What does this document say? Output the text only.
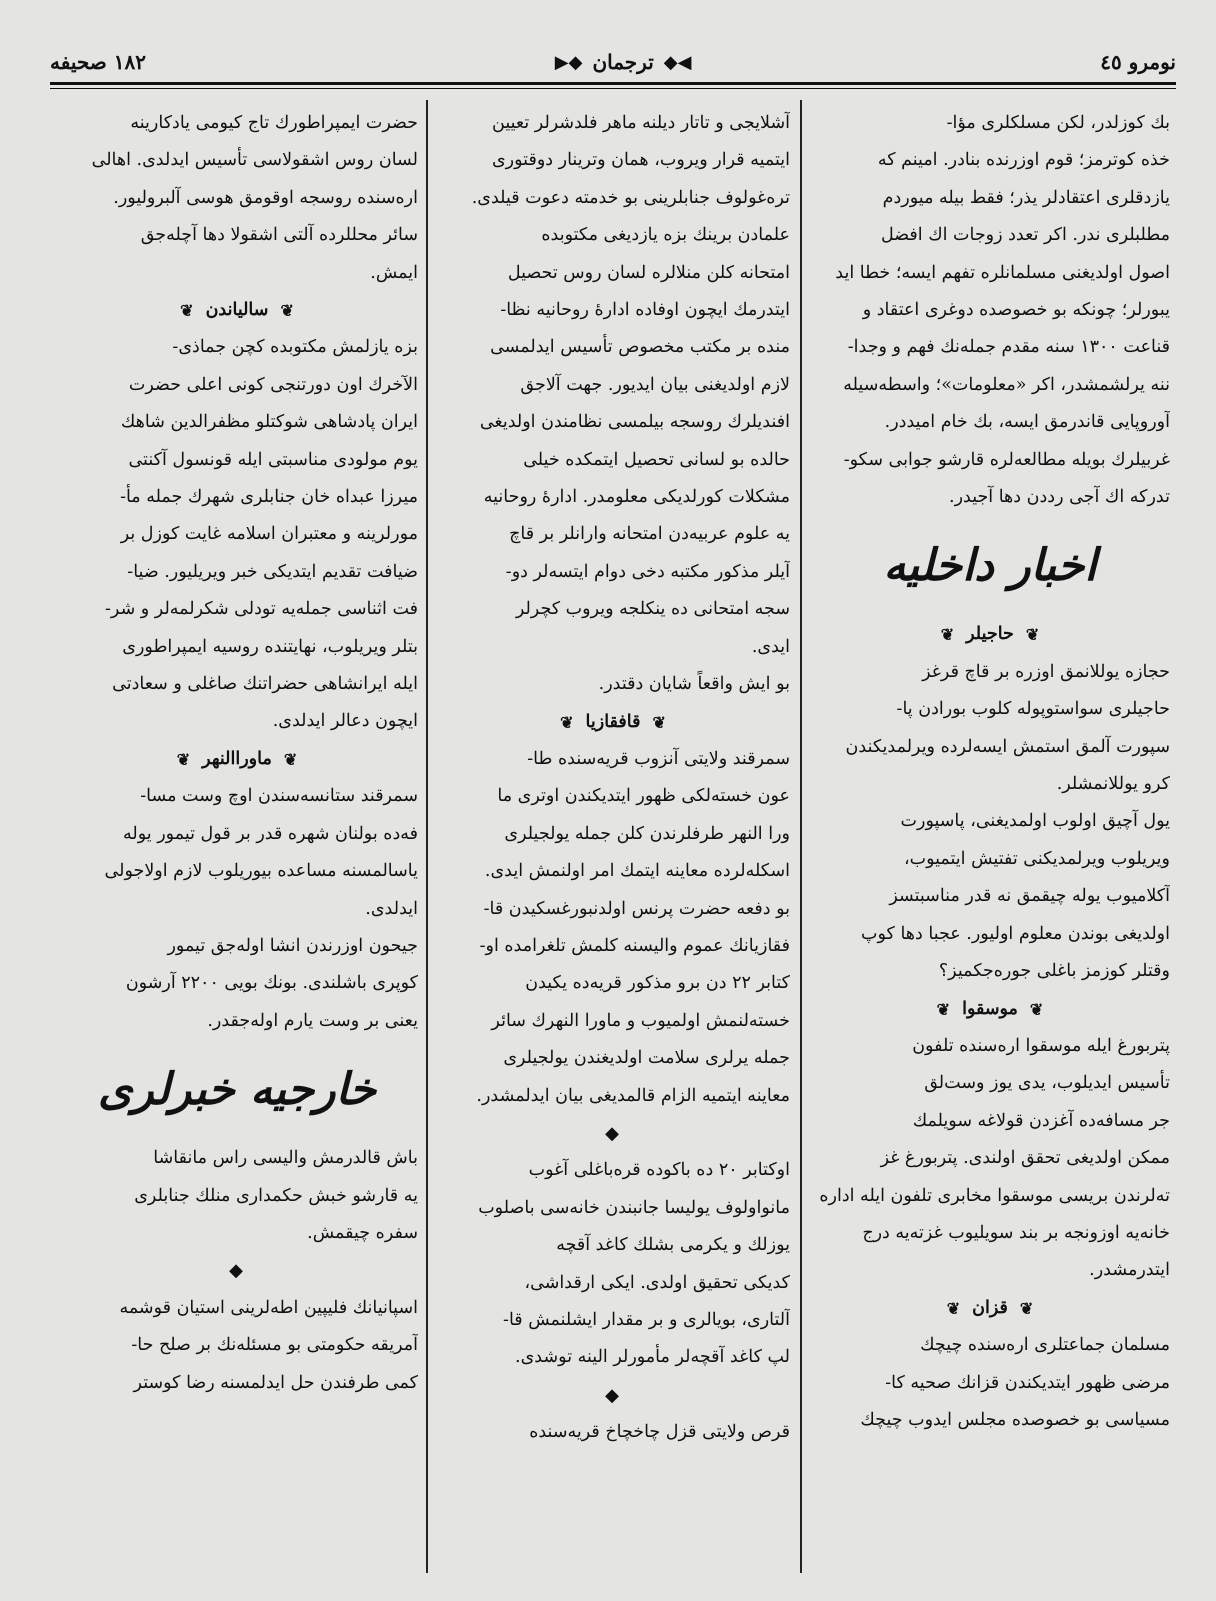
نومرو ٤٥
◀◆
ترجمان
◆▶
١٨٢ صحیفه
بك كوزلدر، لكن مسلكلری مؤا-
خذه كوترمز؛ قوم اوزرنده بنادر. امینم كه
یازدقلری اعتقادلر یذر؛ فقط بیله میوردم
مطلبلری ندر. اکر تعدد زوجات اك افضل
اصول اولدیغنی مسلمانلره تفهم ایسه؛ خطا اید
یبورلر؛ چونکه بو خصوصده دوغری اعتقاد و
قناعت ١٣٠٠ سنه مقدم جملەنك فهم و وجدا-
ننه یرلشمشدر، اکر «معلومات»؛ واسطه‌سیله
آوروپایی قاندرمق ایسه، بك خام امیددر.
غربیلرك بویله مطالعه‌لره قارشو جوابی سکو-
تدركه اك آجی رددن دها آجیدر.
اخبار داخلیه
❦
حاجیلر
❦
حجازه یوللانمق اوزره بر قاچ قرغز
حاجیلری سواستوپوله کلوب بورادن پا-
سپورت آلمق استمش ایسه‌لرده ویرلمدیکندن
کرو یوللانمشلر.
یول آچیق اولوب اولمدیغنی، پاسپورت
ویریلوب ویرلمدیکنی تفتیش ایتمیوب،
آکلامیوب یوله چیقمق نه قدر مناسبتسز
اولدیغی بوندن معلوم اولیور. عجبا دها کوپ
وقتلر کوزمز باغلی جوره‌جکمیز؟
❦
موسقوا
❦
پتربورغ ایله موسقوا ارەسنده تلفون
تأسیس ایدیلوب، یدی یوز وست‌لق
جر مسافه‌ده آغزدن قولاغه سویلمك
ممکن اولدیغی تحقق اولندی. پتربورغ غز
ته‌لرندن بریسی موسقوا مخابری تلفون ایله اداره
خانه‌یه اوزونجه بر بند سویلیوب غزته‌یه درج
ایتدرمشدر.
❦
قزان
❦
مسلمان جماعتلری ارەسنده چیچك
مرضی ظهور ایتدیکندن قزانك صحیه کا-
مسیاسی بو خصوصده مجلس ایدوب چیچك
آشلایجی و تاتار دیلنه ماهر فلدشرلر تعیین
ایتمیه قرار ویروب، همان وترینار دوقتوری
تره‌غولوف جنابلرینی بو خدمته دعوت قیلدی.
علمادن برینك بزه یازدیغی مکتوبده
امتحانه کلن منلالره لسان روس تحصیل
ایتدرمك ایچون اوفاده ادارۀ روحانیه نظا-
منده بر مکتب مخصوص تأسیس ایدلمسی
لازم اولدیغنی بیان ایدیور. جهت آلاجق
افندیلرك روسجه بیلمسی نظامندن اولدیغی
حالده بو لسانی تحصیل ایتمکده خیلی
مشکلات کورلدیکی معلومدر. ادارۀ روحانیه
یه علوم عربیه‌دن امتحانه وارانلر بر قاچ
آیلر مذکور مکتبه دخی دوام ایتسه‌لر دو-
سجه امتحانی ده ینکلجه ویروب کچرلر
ایدی.
بو ایش واقعاً شایان دقتدر.
❦
قافقازیا
❦
سمرقند ولایتی آنزوب قریه‌سنده طا-
عون خسته‌لکی ظهور ایتدیکندن اوتری ما
ورا النهر طرفلرندن کلن جمله یولجیلری
اسکله‌لرده معاینه ایتمك امر اولنمش ایدی.
بو دفعه حضرت پرنس اولدنبورغسکیدن قا-
فقازیانك عموم والیسنه کلمش تلغرامده او-
کتابر ٢٢ دن برو مذکور قریه‌ده یکیدن
خسته‌لنمش اولمیوب و ماورا النهرك سائر
جمله یرلری سلامت اولدیغندن یولجیلری
معاینه ایتمیه الزام قالمدیغی بیان ایدلمشدر.
◆
اوکتابر ٢٠ ده باکوده قره‌باغلی آغوب
مانواولوف یولیسا جانبندن خانه‌سی باصلوب
یوزلك و یکرمی بشلك کاغد آقچه
کدیکی تحقیق اولدی. ایکی ارقداشی،
آلتاری، بویالری و بر مقدار ایشلنمش قا-
لپ کاغد آقچه‌لر مأمورلر الینه توشدی.
◆
قرص ولایتی قزل چاخچاخ قریه‌سنده
حضرت ایمپراطورك تاج کیومی یادکارینه
لسان روس اشقولاسی تأسیس ایدلدی. اهالی
ارەسنده روسجه اوقومق هوسی آلبرولیور.
سائر محللرده آلتی اشقولا دها آچله‌جق
ایمش.
❦
سالیاندن
❦
بزه یازلمش مکتوبده کچن جماذی-
الآخرك اون دورتنجی کونی اعلی حضرت
ایران پادشاهی شوکتلو مظفرالدین شاهك
یوم مولودی مناسبتی ایله قونسول آکنتی
میرزا عبداه خان جنابلری شهرك جمله مأ-
مورلرینه و معتبران اسلامه غایت کوزل بر
ضیافت تقدیم ایتدیکی خبر ویریلیور. ضیا-
فت اثناسی جمله‌یه تودلی شکرلمه‌لر و شر-
بتلر ویریلوب، نهایتنده روسیه ایمپراطوری
ایله ایرانشاهی حضراتنك صاغلی و سعادتی
ایچون دعالر ایدلدی.
❦
ماوراالنهر
❦
سمرقند ستانسه‌سندن اوچ وست مسا-
فه‌ده بولنان شهره قدر بر قول تیمور یوله
یاسالمسنه مساعده بیوریلوب لازم اولاجولی
ایدلدی.
جیحون اوزرندن انشا اوله‌جق تیمور
کوپری باشلندی. بونك بویی ٢٢٠٠ آرشون
یعنی بر وست یارم اوله‌جقدر.
خارجیه خبرلری
باش قالدرمش والیسی راس مانقاشا
یه قارشو خبش حکمداری منلك جنابلری
سفره چیقمش.
◆
اسپانیانك فلیپین اطه‌لرینی استیان قوشمه
آمریقه حکومتی بو مسئله‌نك بر صلح حا-
کمی طرفندن حل ایدلمسنه رضا کوستر
